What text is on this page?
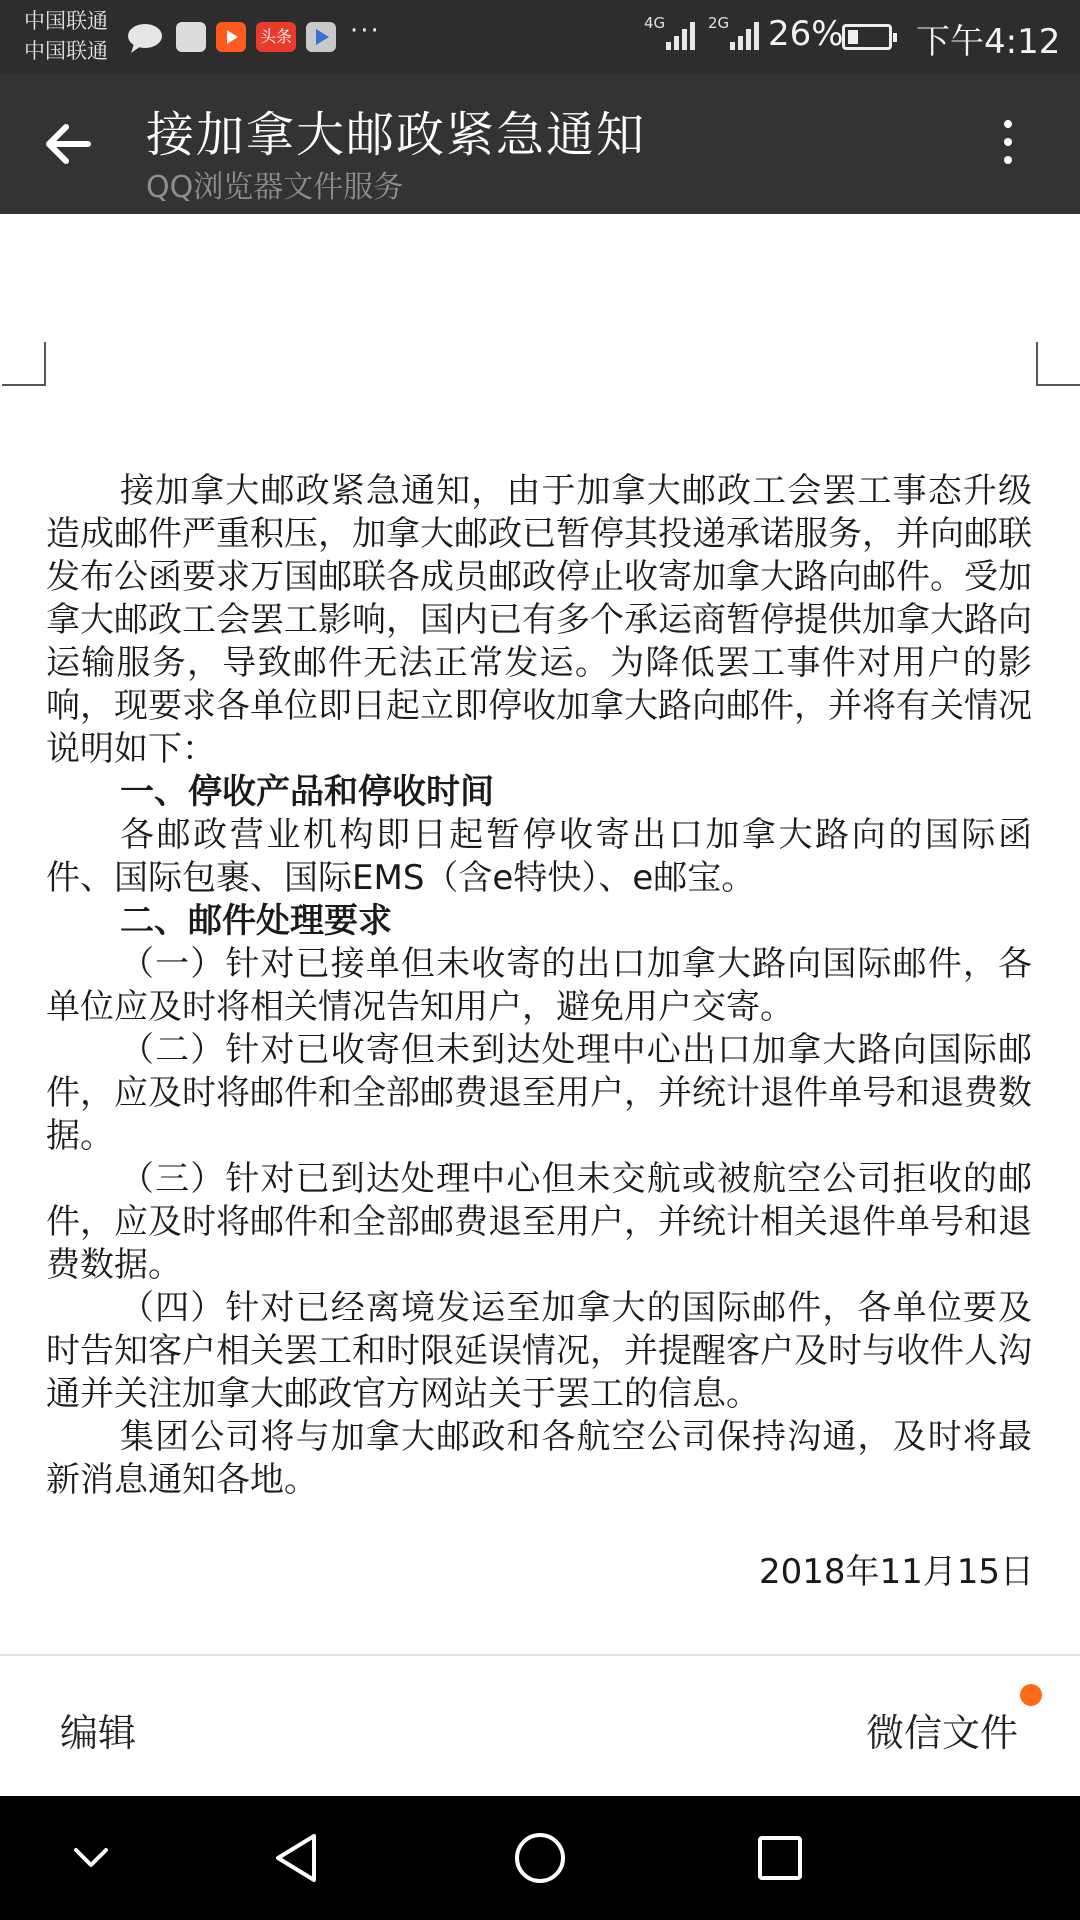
中国联通
中国联通
头条 ···	4G	2G 26% 下午4:12
接加拿大邮政紧急通知
QQ浏览器文件服务

接加拿大邮政紧急通知，由于加拿大邮政工会罢工事态升级造成邮件严重积压，加拿大邮政已暂停其投递承诺服务，并向邮联发布公函要求万国邮联各成员邮政停止收寄加拿大路向邮件。受加拿大邮政工会罢工影响，国内已有多个承运商暂停提供加拿大路向运输服务，导致邮件无法正常发运。为降低罢工事件对用户的影响，现要求各单位即日起立即停收加拿大路向邮件，并将有关情况说明如下：

一、停收产品和停收时间

各邮政营业机构即日起暂停收寄出口加拿大路向的国际函件、国际包裹、国际EMS（含e特快）、e邮宝。

二、邮件处理要求

（一）针对已接单但未收寄的出口加拿大路向国际邮件，各单位应及时将相关情况告知用户，避免用户交寄。

（二）针对已收寄但未到达处理中心出口加拿大路向国际邮件，应及时将邮件和全部邮费退至用户，并统计退件单号和退费数据。

（三）针对已到达处理中心但未交航或被航空公司拒收的邮件，应及时将邮件和全部邮费退至用户，并统计相关退件单号和退费数据。

（四）针对已经离境发运至加拿大的国际邮件，各单位要及时告知客户相关罢工和时限延误情况，并提醒客户及时与收件人沟通并关注加拿大邮政官方网站关于罢工的信息。

集团公司将与加拿大邮政和各航空公司保持沟通，及时将最新消息通知各地。

2018年11月15日
编辑	微信文件
